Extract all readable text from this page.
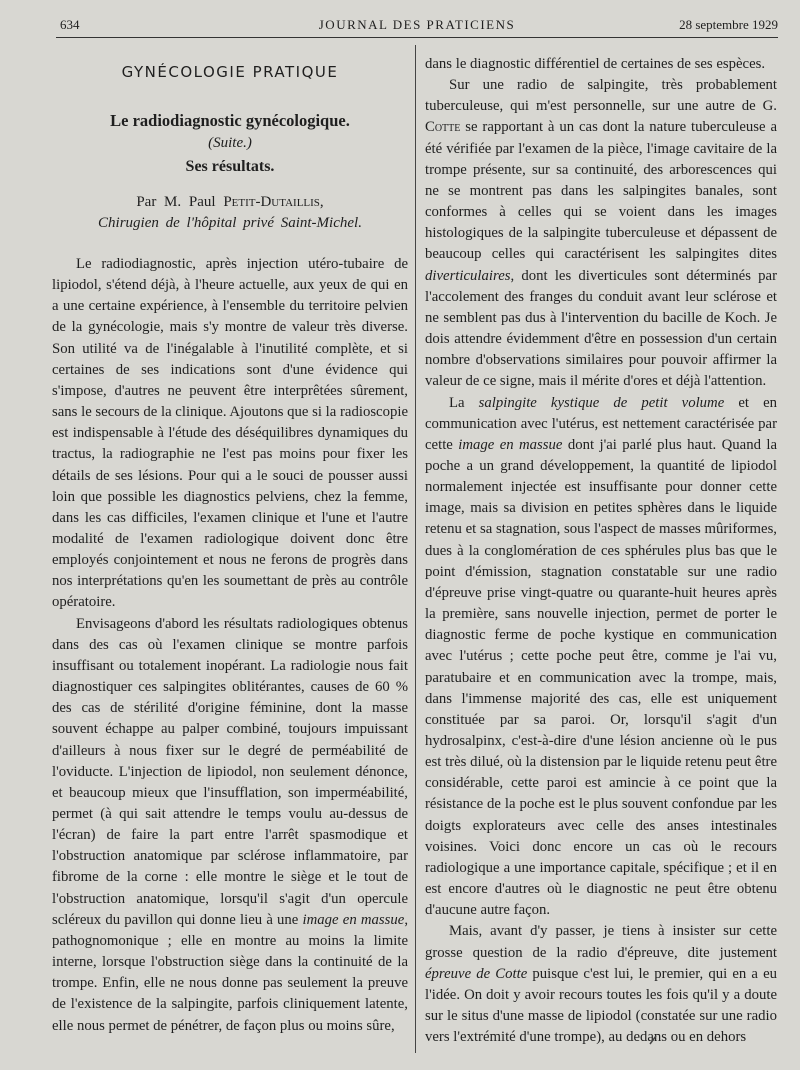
JOURNAL DES PRATICIENS
634	28 septembre 1929
GYNÉCOLOGIE PRATIQUE
Le radiodiagnostic gynécologique.
(Suite.)
Ses résultats.
Par M. Paul Petit-Dutaillis,
Chirugien de l'hôpital privé Saint-Michel.

Le radiodiagnostic, après injection utéro-tubaire de lipiodol, s'étend déjà, à l'heure actuelle, aux yeux de qui en a une certaine expérience, à l'ensemble du territoire pelvien de la gynécologie, mais s'y montre de valeur très diverse. Son utilité va de l'inégalable à l'inutilité complète, et si certaines de ses indications sont d'une évidence qui s'impose, d'autres ne peuvent être interprêtées sûrement, sans le secours de la clinique. Ajoutons que si la radioscopie est indispensable à l'étude des déséquilibres dynamiques du tractus, la radiographie ne l'est pas moins pour fixer les détails de ses lésions. Pour qui a le souci de pousser aussi loin que possible les diagnostics pelviens, chez la femme, dans les cas difficiles, l'examen clinique et l'une et l'autre modalité de l'examen radiologique doivent donc être employés conjointement et nous ne ferons de progrès dans nos interprétations qu'en les soumettant de près au contrôle opératoire.

Envisageons d'abord les résultats radiologiques obtenus dans des cas où l'examen clinique se montre parfois insuffisant ou totalement inopérant. La radiologie nous fait diagnostiquer ces salpingites oblitérantes, causes de 60 % des cas de stérilité d'origine féminine, dont la masse souvent échappe au palper combiné, toujours impuissant d'ailleurs à nous fixer sur le degré de perméabilité de l'oviducte. L'injection de lipiodol, non seulement dénonce, et beaucoup mieux que l'insufflation, son imperméabilité, permet (à qui sait attendre le temps voulu au-dessus de l'écran) de faire la part entre l'arrêt spasmodique et l'obstruction anatomique par sclérose inflammatoire, par fibrome de la corne : elle montre le siège et le tout de l'obstruction anatomique, lorsqu'il s'agit d'un opercule scléreux du pavillon qui donne lieu à une image en massue, pathognomonique ; elle en montre au moins la limite interne, lorsque l'obstruction siège dans la continuité de la trompe. Enfin, elle ne nous donne pas seulement la preuve de l'existence de la salpingite, parfois cliniquement latente, elle nous permet de pénétrer, de façon plus ou moins sûre,

dans le diagnostic différentiel de certaines de ses espèces.

Sur une radio de salpingite, très probablement tuberculeuse, qui m'est personnelle, sur une autre de G. Cotte se rapportant à un cas dont la nature tuberculeuse a été vérifiée par l'examen de la pièce, l'image cavitaire de la trompe présente, sur sa continuité, des arborescences qui ne se montrent pas dans les salpingites banales, sont conformes à celles qui se voient dans les images histologiques de la salpingite tuberculeuse et dépassent de beaucoup celles qui caractérisent les salpingites dites diverticulaires, dont les diverticules sont déterminés par l'accolement des franges du conduit avant leur sclérose et ne semblent pas dus à l'intervention du bacille de Koch. Je dois attendre évidemment d'être en possession d'un certain nombre d'observations similaires pour pouvoir affirmer la valeur de ce signe, mais il mérite d'ores et déjà l'attention.

La salpingite kystique de petit volume et en communication avec l'utérus, est nettement caractérisée par cette image en massue dont j'ai parlé plus haut. Quand la poche a un grand développement, la quantité de lipiodol normalement injectée est insuffisante pour donner cette image, mais sa division en petites sphères dans le liquide retenu et sa stagnation, sous l'aspect de masses mûriformes, dues à la conglomération de ces sphérules plus bas que le point d'émission, stagnation constatable sur une radio d'épreuve prise vingt-quatre ou quarante-huit heures après la première, sans nouvelle injection, permet de porter le diagnostic ferme de poche kystique en communication avec l'utérus ; cette poche peut être, comme je l'ai vu, paratubaire et en communication avec la trompe, mais, dans l'immense majorité des cas, elle est uniquement constituée par sa paroi. Or, lorsqu'il s'agit d'un hydrosalpinx, c'est-à-dire d'une lésion ancienne où le pus est très dilué, où la distension par le liquide retenu peut être considérable, cette paroi est amincie à ce point que la résistance de la poche est le plus souvent confondue par les doigts explorateurs avec celle des anses intestinales voisines. Voici donc encore un cas où le recours radiologique a une importance capitale, spécifique ; et il en est encore d'autres où le diagnostic ne peut être obtenu d'aucune autre façon.

Mais, avant d'y passer, je tiens à insister sur cette grosse question de la radio d'épreuve, dite justement épreuve de Cotte puisque c'est lui, le premier, qui en a eu l'idée. On doit y avoir recours toutes les fois qu'il y a doute sur le situs d'une masse de lipiodol (constatée sur une radio vers l'extrémité d'une trompe), au dedans ou en dehors
